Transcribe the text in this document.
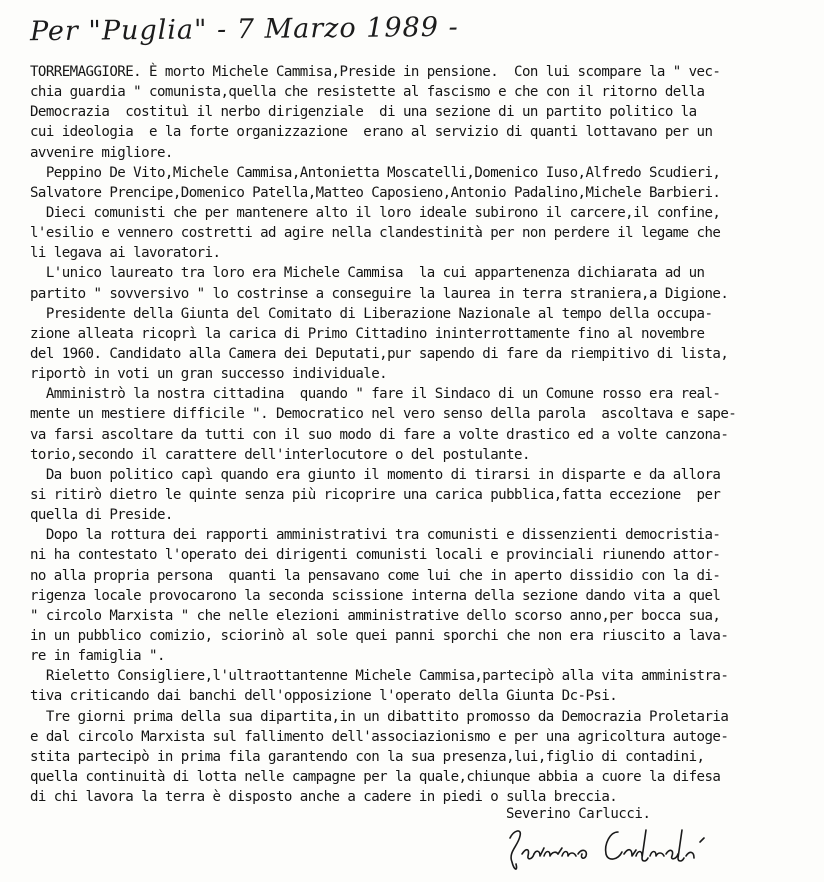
Per "Puglia" - 7 Marzo 1989 -
TORREMAGGIORE. È morto Michele Cammisa,Preside in pensione.  Con lui scompare la " vec-
chia guardia " comunista,quella che resistette al fascismo e che con il ritorno della
Democrazia  costituì il nerbo dirigenziale  di una sezione di un partito politico la
cui ideologia  e la forte organizzazione  erano al servizio di quanti lottavano per un
avvenire migliore.
Peppino De Vito,Michele Cammisa,Antonietta Moscatelli,Domenico Iuso,Alfredo Scudieri,
Salvatore Prencipe,Domenico Patella,Matteo Caposieno,Antonio Padalino,Michele Barbieri.
Dieci comunisti che per mantenere alto il loro ideale subirono il carcere,il confine,
l'esilio e vennero costretti ad agire nella clandestinità per non perdere il legame che
li legava ai lavoratori.
L'unico laureato tra loro era Michele Cammisa  la cui appartenenza dichiarata ad un
partito " sovversivo " lo costrinse a conseguire la laurea in terra straniera,a Digione.
Presidente della Giunta del Comitato di Liberazione Nazionale al tempo della occupa-
zione alleata ricoprì la carica di Primo Cittadino ininterrottamente fino al novembre
del 1960. Candidato alla Camera dei Deputati,pur sapendo di fare da riempitivo di lista,
riportò in voti un gran successo individuale.
Amministrò la nostra cittadina  quando " fare il Sindaco di un Comune rosso era real-
mente un mestiere difficile ". Democratico nel vero senso della parola  ascoltava e sape-
va farsi ascoltare da tutti con il suo modo di fare a volte drastico ed a volte canzona-
torio,secondo il carattere dell'interlocutore o del postulante.
Da buon politico capì quando era giunto il momento di tirarsi in disparte e da allora
si ritirò dietro le quinte senza più ricoprire una carica pubblica,fatta eccezione  per
quella di Preside.
Dopo la rottura dei rapporti amministrativi tra comunisti e dissenzienti democristia-
ni ha contestato l'operato dei dirigenti comunisti locali e provinciali riunendo attor-
no alla propria persona  quanti la pensavano come lui che in aperto dissidio con la di-
rigenza locale provocarono la seconda scissione interna della sezione dando vita a quel
" circolo Marxista " che nelle elezioni amministrative dello scorso anno,per bocca sua,
in un pubblico comizio, sciorinò al sole quei panni sporchi che non era riuscito a lava-
re in famiglia ".
Rieletto Consigliere,l'ultraottantenne Michele Cammisa,partecipò alla vita amministra-
tiva criticando dai banchi dell'opposizione l'operato della Giunta Dc-Psi.
Tre giorni prima della sua dipartita,in un dibattito promosso da Democrazia Proletaria
e dal circolo Marxista sul fallimento dell'associazionismo e per una agricoltura autoge-
stita partecipò in prima fila garantendo con la sua presenza,lui,figlio di contadini,
quella continuità di lotta nelle campagne per la quale,chiunque abbia a cuore la difesa
di chi lavora la terra è disposto anche a cadere in piedi o sulla breccia.
Severino Carlucci.
